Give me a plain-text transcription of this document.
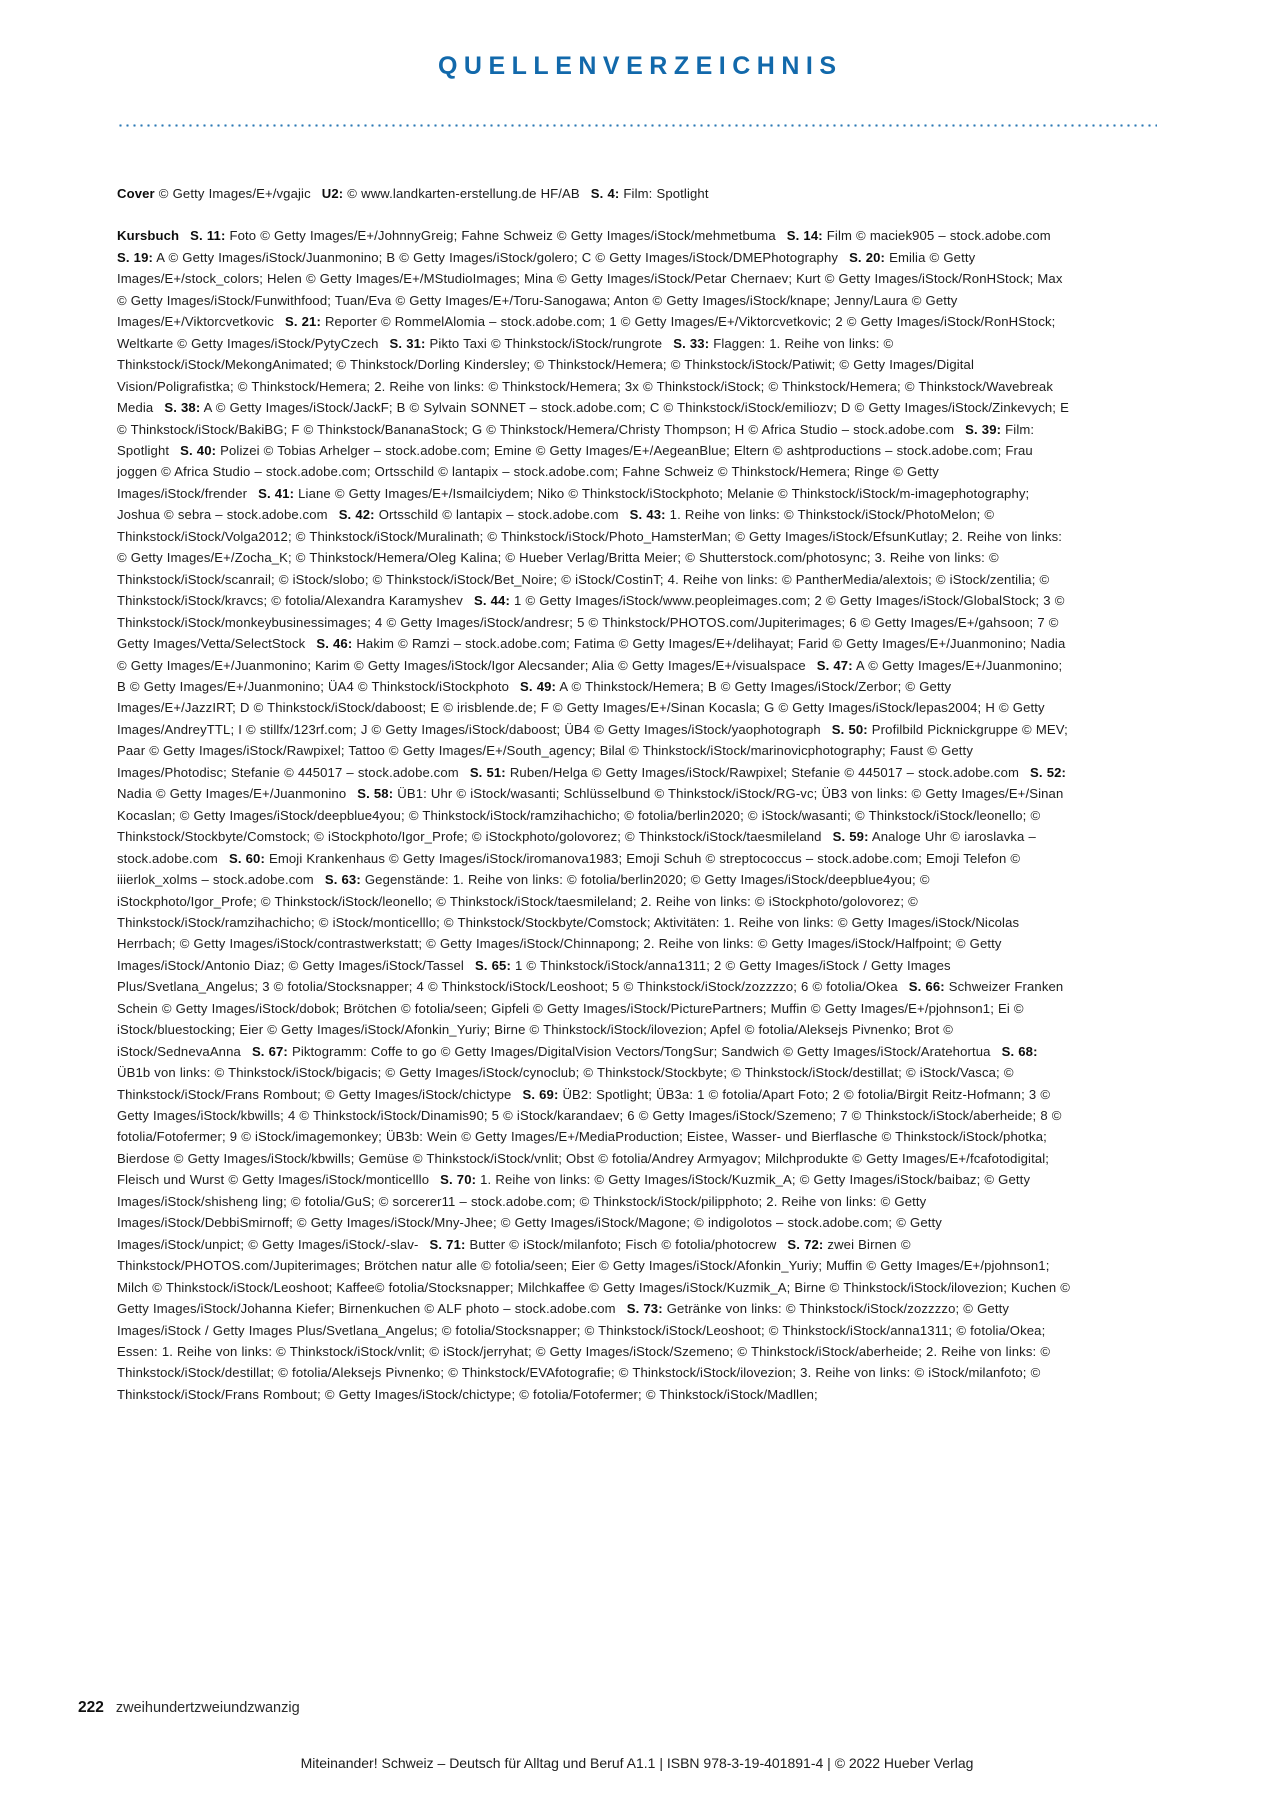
QUELLENVERZEICHNIS

Cover © Getty Images/E+/vgajic U2: © www.landkarten-erstellung.de HF/AB S. 4: Film: Spotlight

Kursbuch S. 11: Foto © Getty Images/E+/JohnnyGreig; Fahne Schweiz © Getty Images/iStock/mehmetbuma S. 14: Film © maciek905 – stock.adobe.comS. 19: A © Getty Images/iStock/Juanmonino; B © Getty Images/iStock/golero; C © Getty Images/iStock/DMEPhotography S. 20: Emilia © Getty Images/E+/stock_colors; Helen © Getty Images/E+/MStudioImages; Mina © Getty Images/iStock/Petar Chernaev; Kurt © Getty Images/iStock/RonHStock; Max © Getty Images/iStock/Funwithfood; Tuan/Eva © Getty Images/E+/Toru-Sanogawa; Anton © Getty Images/iStock/knape; Jenny/Laura © Getty Images/E+/Viktorcvetkovic S. 21: Reporter © RommelAlomia – stock.adobe.com; 1 © Getty Images/E+/Viktorcvetkovic; 2 © Getty Images/iStock/RonHStock; Weltkarte © Getty Images/iStock/PytyCzech S. 31: Pikto Taxi © Thinkstock/iStock/rungrote S. 33: Flaggen: 1. Reihe von links: © Thinkstock/iStock/MekongAnimated; © Thinkstock/Dorling Kindersley; © Thinkstock/Hemera; © Thinkstock/iStock/Patiwit; © Getty Images/Digital Vision/Poligrafistka; © Thinkstock/Hemera; 2. Reihe von links: © Thinkstock/Hemera; 3x © Thinkstock/iStock; © Thinkstock/Hemera; © Thinkstock/Wavebreak Media S. 38: A © Getty Images/iStock/JackF; B © Sylvain SONNET – stock.adobe.com; C © Thinkstock/iStock/emiliozv; D © Getty Images/iStock/Zinkevych; E © Thinkstock/iStock/BakiBG; F © Thinkstock/BananaStock; G © Thinkstock/Hemera/Christy Thompson; H © Africa Studio – stock.adobe.com S. 39: Film: Spotlight S. 40: Polizei © Tobias Arhelger – stock.adobe.com; Emine © Getty Images/E+/AegeanBlue; Eltern © ashtproductions – stock.adobe.com; Frau joggen © Africa Studio – stock.adobe.com; Ortsschild © lantapix – stock.adobe.com; Fahne Schweiz © Thinkstock/Hemera; Ringe © Getty Images/iStock/frender S. 41: Liane © Getty Images/E+/Ismailciydem; Niko © Thinkstock/iStockphoto; Melanie © Thinkstock/iStock/m-imagephotography; Joshua © sebra – stock.adobe.com S. 42: Ortsschild © lantapix – stock.adobe.com S. 43: 1. Reihe von links: © Thinkstock/iStock/PhotoMelon; © Thinkstock/iStock/Volga2012; © Thinkstock/iStock/Muralinath; © Thinkstock/iStock/Photo_HamsterMan; © Getty Images/iStock/EfsunKutlay; 2. Reihe von links: © Getty Images/E+/Zocha_K; © Thinkstock/Hemera/Oleg Kalina; © Hueber Verlag/Britta Meier; © Shutterstock.com/photosync; 3. Reihe von links: © Thinkstock/iStock/scanrail; © iStock/slobo; © Thinkstock/iStock/Bet_Noire; © iStock/CostinT; 4. Reihe von links: © PantherMedia/alextois; © iStock/zentilia; © Thinkstock/iStock/kravcs; © fotolia/Alexandra Karamyshev S. 44: 1 © Getty Images/iStock/www.peopleimages.com; 2 © Getty Images/iStock/GlobalStock; 3 © Thinkstock/iStock/monkeybusinessimages; 4 © Getty Images/iStock/andresr; 5 © Thinkstock/PHOTOS.com/Jupiterimages; 6 © Getty Images/E+/gahsoon; 7 © Getty Images/Vetta/SelectStock S. 46: Hakim © Ramzi – stock.adobe.com; Fatima © Getty Images/E+/delihayat; Farid © Getty Images/E+/Juanmonino; Nadia © Getty Images/E+/Juanmonino; Karim © Getty Images/iStock/Igor Alecsander; Alia © Getty Images/E+/visualspace S. 47: A © Getty Images/E+/Juanmonino; B © Getty Images/E+/Juanmonino; ÜA4 © Thinkstock/iStockphoto S. 49: A © Thinkstock/Hemera; B © Getty Images/iStock/Zerbor; © Getty Images/E+/JazzIRT; D © Thinkstock/iStock/daboost; E © irisblende.de; F © Getty Images/E+/Sinan Kocasla; G © Getty Images/iStock/lepas2004; H © Getty Images/AndreyTTL; I © stillfx/123rf.com; J © Getty Images/iStock/daboost; ÜB4 © Getty Images/iStock/yaophotograph S. 50: Profilbild Picknickgruppe © MEV; Paar © Getty Images/iStock/Rawpixel; Tattoo © Getty Images/E+/South_agency; Bilal © Thinkstock/iStock/marinovicphotography; Faust © Getty Images/Photodisc; Stefanie © 445017 – stock.adobe.com S. 51: Ruben/Helga © Getty Images/iStock/Rawpixel; Stefanie © 445017 – stock.adobe.com S. 52: Nadia © Getty Images/E+/Juanmonino S. 58: ÜB1: Uhr © iStock/wasanti; Schlüsselbund © Thinkstock/iStock/RG-vc; ÜB3 von links: © Getty Images/E+/Sinan Kocaslan; © Getty Images/iStock/deepblue4you; © Thinkstock/iStock/ramzihachicho; © fotolia/berlin2020; © iStock/wasanti; © Thinkstock/iStock/leonello; © Thinkstock/Stockbyte/Comstock; © iStockphoto/Igor_Profe; © iStockphoto/golovorez; © Thinkstock/iStock/taesmileland S. 59: Analoge Uhr © iaroslavka – stock.adobe.com S. 60: Emoji Krankenhaus © Getty Images/iStock/iromanova1983; Emoji Schuh © streptococcus – stock.adobe.com; Emoji Telefon © iiierlok_xolms – stock.adobe.com S. 63: Gegenstände: 1. Reihe von links: © fotolia/berlin2020; © Getty Images/iStock/deepblue4you; © iStockphoto/Igor_Profe; © Thinkstock/iStock/leonello; © Thinkstock/iStock/taesmileland; 2. Reihe von links: © iStockphoto/golovorez; © Thinkstock/iStock/ramzihachicho; © iStock/monticelllo; © Thinkstock/Stockbyte/Comstock; Aktivitäten: 1. Reihe von links: © Getty Images/iStock/Nicolas Herrbach; © Getty Images/iStock/contrastwerkstatt; © Getty Images/iStock/Chinnapong; 2. Reihe von links: © Getty Images/iStock/Halfpoint; © Getty Images/iStock/Antonio Diaz; © Getty Images/iStock/Tassel S. 65: 1 © Thinkstock/iStock/anna1311; 2 © Getty Images/iStock / Getty Images Plus/Svetlana_Angelus; 3 © fotolia/Stocksnapper; 4 © Thinkstock/iStock/Leoshoot; 5 © Thinkstock/iStock/zozzzzo; 6 © fotolia/Okea S. 66: Schweizer Franken Schein © Getty Images/iStock/dobok; Brötchen © fotolia/seen; Gipfeli © Getty Images/iStock/PicturePartners; Muffin © Getty Images/E+/pjohnson1; Ei © iStock/bluestocking; Eier © Getty Images/iStock/Afonkin_Yuriy; Birne © Thinkstock/iStock/ilovezion; Apfel © fotolia/Aleksejs Pivnenko; Brot © iStock/SednevaAnna S. 67: Piktogramm: Coffe to go © Getty Images/DigitalVision Vectors/TongSur; Sandwich © Getty Images/iStock/Aratehortua S. 68: ÜB1b von links: © Thinkstock/iStock/bigacis; © Getty Images/iStock/cynoclub; © Thinkstock/Stockbyte; © Thinkstock/iStock/destillat; © iStock/Vasca; © Thinkstock/iStock/Frans Rombout; © Getty Images/iStock/chictype S. 69: ÜB2: Spotlight; ÜB3a: 1 © fotolia/Apart Foto; 2 © fotolia/Birgit Reitz-Hofmann; 3 © Getty Images/iStock/kbwills; 4 © Thinkstock/iStock/Dinamis90; 5 © iStock/karandaev; 6 © Getty Images/iStock/Szemeno; 7 © Thinkstock/iStock/aberheide; 8 © fotolia/Fotofermer; 9 © iStock/imagemonkey; ÜB3b: Wein © Getty Images/E+/MediaProduction; Eistee, Wasser- und Bierflasche © Thinkstock/iStock/photka; Bierdose © Getty Images/iStock/kbwills; Gemüse © Thinkstock/iStock/vnlit; Obst © fotolia/Andrey Armyagov; Milchprodukte © Getty Images/E+/fcafotodigital; Fleisch und Wurst © Getty Images/iStock/monticelllo S. 70: 1. Reihe von links: © Getty Images/iStock/Kuzmik_A; © Getty Images/iStock/baibaz; © Getty Images/iStock/shisheng ling; © fotolia/GuS; © sorcerer11 – stock.adobe.com; © Thinkstock/iStock/pilipphoto; 2. Reihe von links: © Getty Images/iStock/DebbiSmirnoff; © Getty Images/iStock/Mny-Jhee; © Getty Images/iStock/Magone; © indigolotos – stock.adobe.com; © Getty Images/iStock/unpict; © Getty Images/iStock/-slav- S. 71: Butter © iStock/milanfoto; Fisch © fotolia/photocrew S. 72: zwei Birnen © Thinkstock/PHOTOS.com/Jupiterimages; Brötchen natur alle © fotolia/seen; Eier © Getty Images/iStock/Afonkin_Yuriy; Muffin © Getty Images/E+/pjohnson1; Milch © Thinkstock/iStock/Leoshoot; Kaffee© fotolia/Stocksnapper; Milchkaffee © Getty Images/iStock/Kuzmik_A; Birne © Thinkstock/iStock/ilovezion; Kuchen © Getty Images/iStock/Johanna Kiefer; Birnenkuchen © ALF photo – stock.adobe.com S. 73: Getränke von links: © Thinkstock/iStock/zozzzzo; © Getty Images/iStock / Getty Images Plus/Svetlana_Angelus; © fotolia/Stocksnapper; © Thinkstock/iStock/Leoshoot; © Thinkstock/iStock/anna1311; © fotolia/Okea; Essen: 1. Reihe von links: © Thinkstock/iStock/vnlit; © iStock/jerryhat; © Getty Images/iStock/Szemeno; © Thinkstock/iStock/aberheide; 2. Reihe von links: © Thinkstock/iStock/destillat; © fotolia/Aleksejs Pivnenko; © Thinkstock/EVAfotografie; © Thinkstock/iStock/ilovezion; 3. Reihe von links: © iStock/milanfoto; © Thinkstock/iStock/Frans Rombout; © Getty Images/iStock/chictype; © fotolia/Fotofermer; © Thinkstock/iStock/Madllen;

222 zweihundertzweiundzwanzig
Miteinander! Schweiz – Deutsch für Alltag und Beruf A1.1 | ISBN 978-3-19-401891-4 | © 2022 Hueber Verlag
